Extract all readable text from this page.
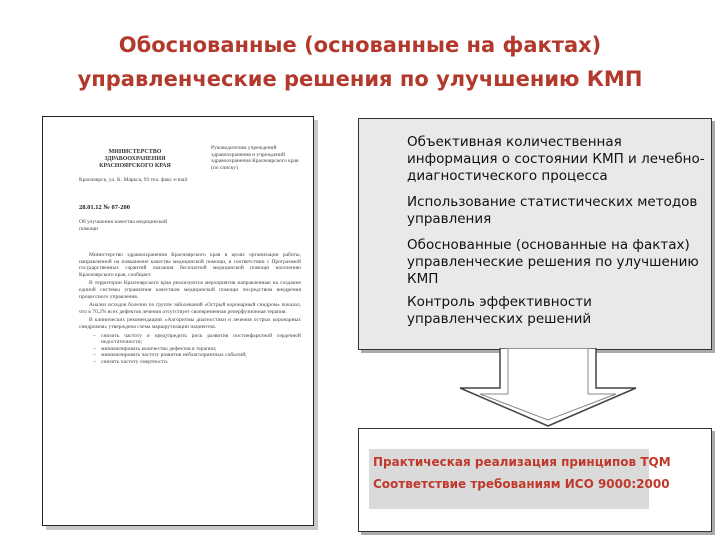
Обоснованные (основанные на фактах)
управленческие решения по улучшению КМП
МИНИСТЕРСТВО
ЗДРАВООХРАНЕНИЯ
КРАСНОЯРСКОГО КРАЯ
Руководителям учреждений здравоохранения и учреждений здравоохранения Красноярского края (по списку)
Красноярск, ул. К. Маркса, 93 тел. факс e-mail
28.01.12 № 07-200
Об улучшении качества медицинской помощи

Министерство здравоохранения Красноярского края в целях организации работы, направленной на повышение качества медицинской помощи, в соответствии с Программой государственных гарантий оказания бесплатной медицинской помощи населению Красноярского края, сообщает.

В территории Красноярского края реализуются мероприятия направленные на создание единой системы управления качеством медицинской помощи посредством внедрения процессного управления.

Анализ исходов болезни по группе заболеваний «Острый коронарный синдром» показал, что в 70,2% всех дефектов лечения отсутствует своевременная реперфузионная терапия.

В клинических рекомендациях «Алгоритмы диагностики и лечения острых коронарных синдромов» утверждена схема маршрутизации пациентов.

– снизить частоту и предупредить риск развития постинфарктной сердечной недостаточности;
– минимизировать количество дефектов в терапии;
– минимизировать частоту развития неблагоприятных событий;
– снизить частоту смертности.
Объективная количественная информация о состоянии КМП и лечебно-диагностического процесса
Использование статистических методов управления
Обоснованные (основанные на фактах) управленческие решения по улучшению КМП
Контроль эффективности управленческих решений
Практическая реализация принципов TQM
Соответствие требованиям ИСО 9000:2000
